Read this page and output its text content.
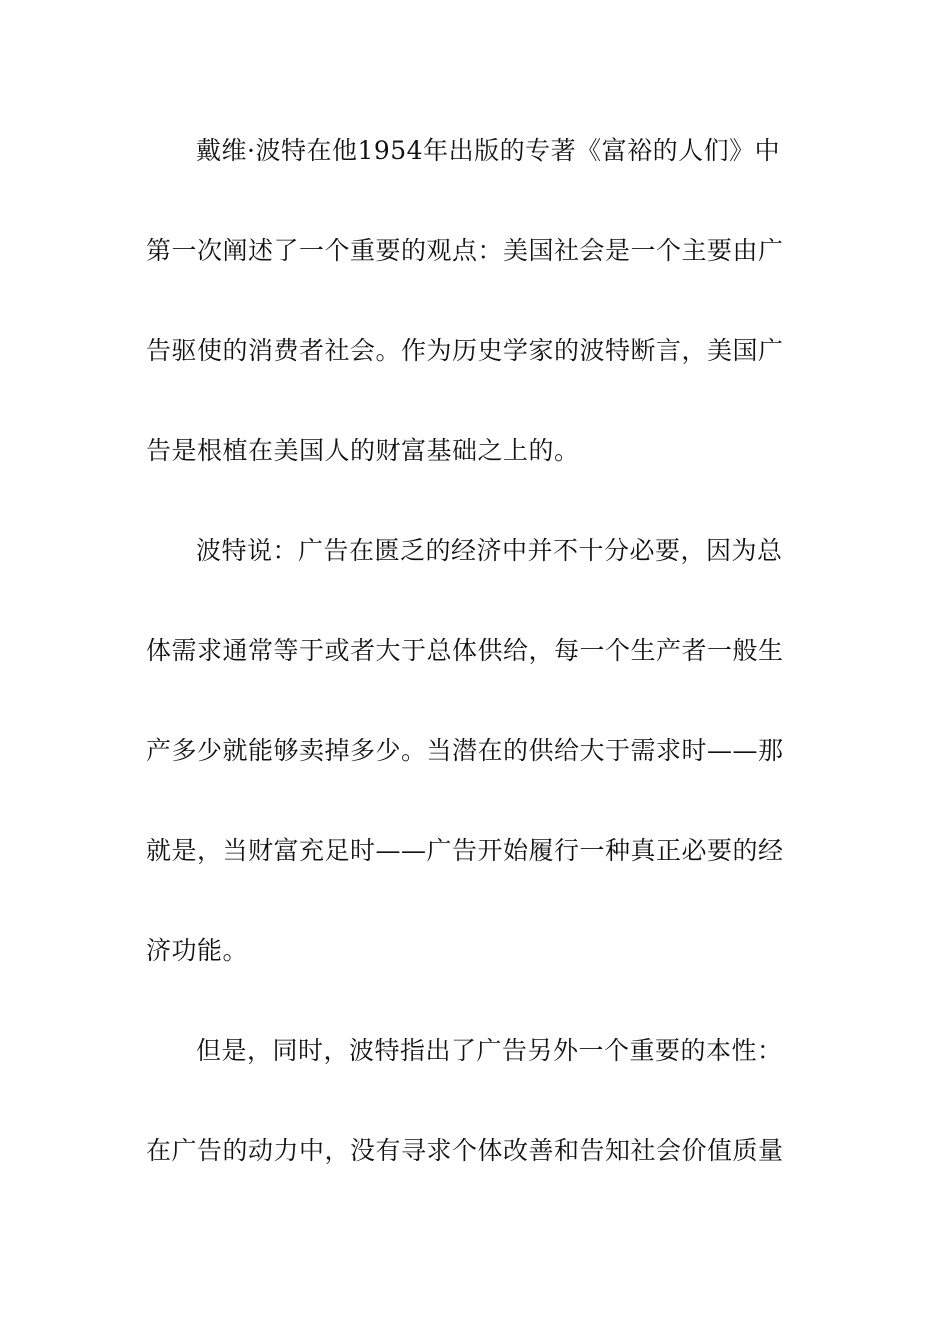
戴维·波特在他1954年出版的专著《富裕的人们》中
第一次阐述了一个重要的观点：美国社会是一个主要由广
告驱使的消费者社会。作为历史学家的波特断言，美国广
告是根植在美国人的财富基础之上的。
波特说：广告在匮乏的经济中并不十分必要，因为总
体需求通常等于或者大于总体供给，每一个生产者一般生
产多少就能够卖掉多少。当潜在的供给大于需求时——那
就是，当财富充足时——广告开始履行一种真正必要的经
济功能。
但是，同时，波特指出了广告另外一个重要的本性：
在广告的动力中，没有寻求个体改善和告知社会价值质量
